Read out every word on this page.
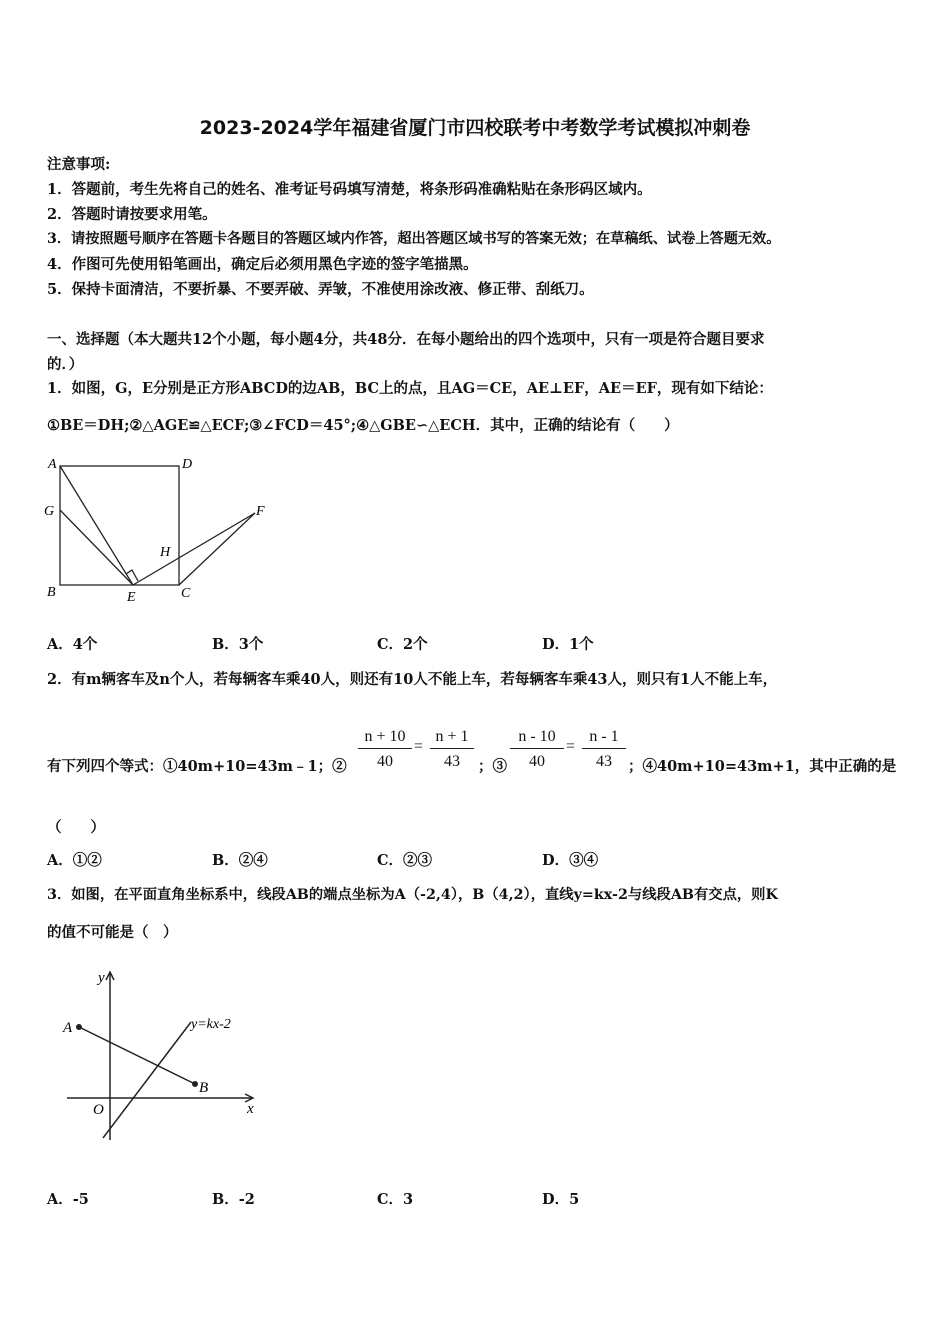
2023-2024学年福建省厦门市四校联考中考数学考试模拟冲刺卷
注意事项:
1．答题前，考生先将自己的姓名、准考证号码填写清楚，将条形码准确粘贴在条形码区域内。
2．答题时请按要求用笔。
3．请按照题号顺序在答题卡各题目的答题区域内作答，超出答题区域书写的答案无效；在草稿纸、试卷上答题无效。
4．作图可先使用铅笔画出，确定后必须用黑色字迹的签字笔描黑。
5．保持卡面清洁，不要折暴、不要弄破、弄皱，不准使用涂改液、修正带、刮纸刀。
一、选择题（本大题共12个小题，每小题4分，共48分．在每小题给出的四个选项中，只有一项是符合题目要求
的．）
1．如图，G，E分别是正方形ABCD的边AB，BC上的点，且AG＝CE，AE⊥EF，AE＝EF，现有如下结论：
①BE＝DH;②△AGE≌△ECF;③∠FCD＝45°;④△GBE∽△ECH．其中，正确的结论有（　　）
A	D
G	F
H
B	E	C
A．4个	B．3个	C．2个	D．1个
2．有m辆客车及n个人，若每辆客车乘40人，则还有10人不能上车，若每辆客车乘43人，则只有1人不能上车，
有下列四个等式：①40m+10=43m﹣1；② $\frac{n + 10}{40} = \frac{n + 1}{43}$ ；③ $\frac{n - 10}{40} = \frac{n - 1}{43}$ ；④40m+10=43m+1，其中正确的是
（　　）
A．①②	B．②④	C．②③	D．③④
3．如图，在平面直角坐标系中，线段AB的端点坐标为A（-2,4），B（4,2），直线y=kx-2与线段AB有交点，则K
的值不可能是（　）
y
x
O
A
B
y=kx-2
A．-5	B．-2	C．3	D．5
